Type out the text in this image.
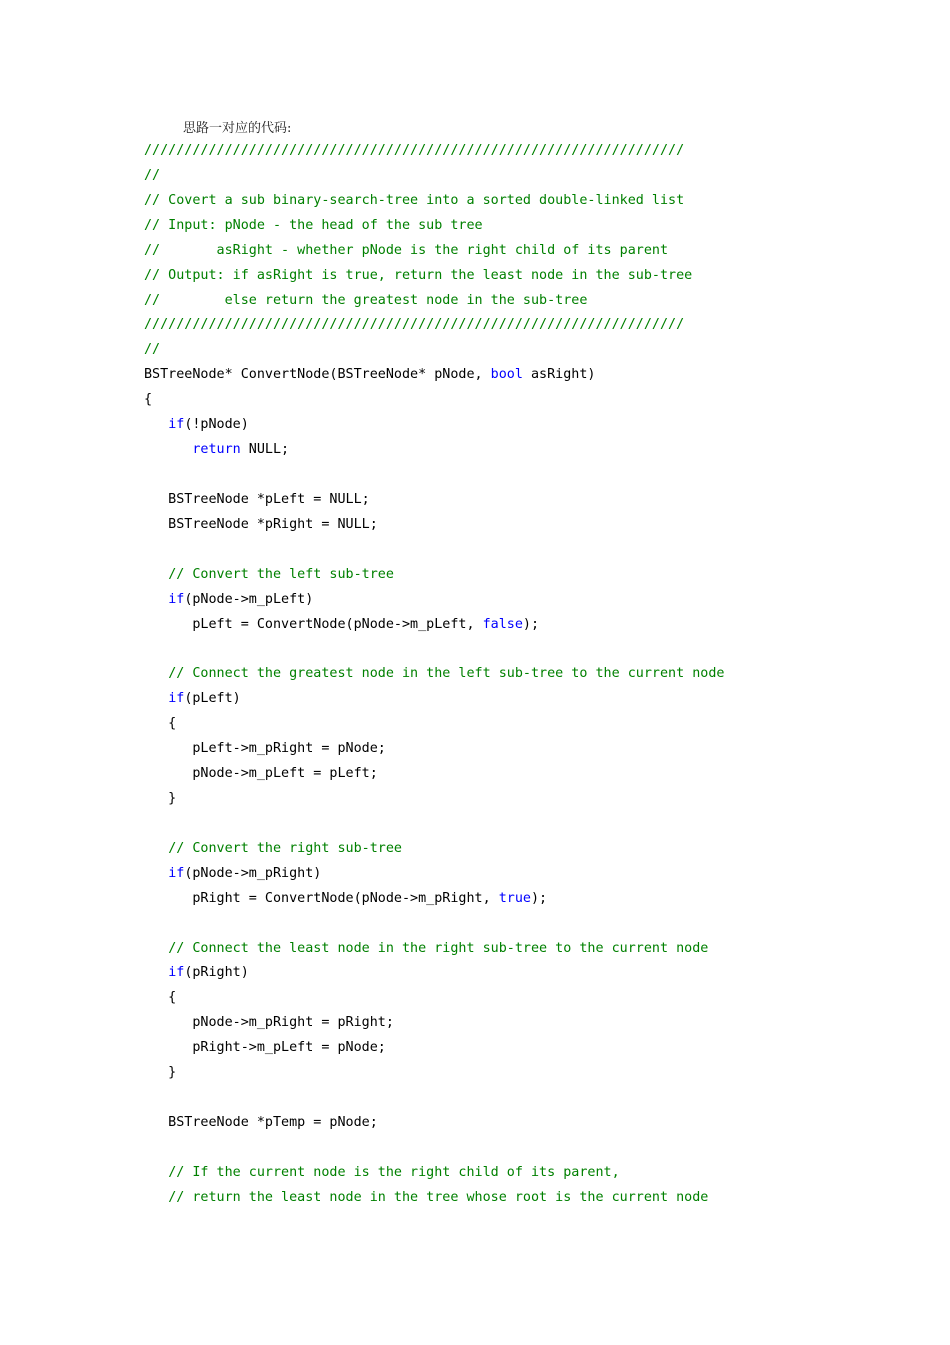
思路一对应的代码:
///////////////////////////////////////////////////////////////////
//
// Covert a sub binary-search-tree into a sorted double-linked list
// Input: pNode - the head of the sub tree
//       asRight - whether pNode is the right child of its parent
// Output: if asRight is true, return the least node in the sub-tree
//        else return the greatest node in the sub-tree
///////////////////////////////////////////////////////////////////
//
BSTreeNode* ConvertNode(BSTreeNode* pNode, bool asRight)
{
if(!pNode)
return NULL;
BSTreeNode *pLeft = NULL;
BSTreeNode *pRight = NULL;
// Convert the left sub-tree
if(pNode->m_pLeft)
pLeft = ConvertNode(pNode->m_pLeft, false);
// Connect the greatest node in the left sub-tree to the current node
if(pLeft)
{
pLeft->m_pRight = pNode;
pNode->m_pLeft = pLeft;
}
// Convert the right sub-tree
if(pNode->m_pRight)
pRight = ConvertNode(pNode->m_pRight, true);
// Connect the least node in the right sub-tree to the current node
if(pRight)
{
pNode->m_pRight = pRight;
pRight->m_pLeft = pNode;
}
BSTreeNode *pTemp = pNode;
// If the current node is the right child of its parent,
// return the least node in the tree whose root is the current node
